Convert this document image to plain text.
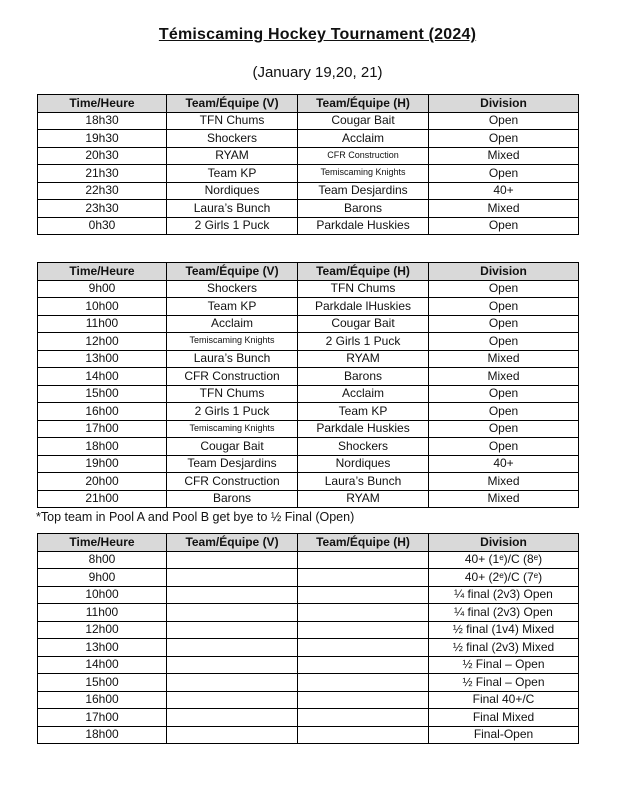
Témiscaming Hockey Tournament (2024)
(January 19,20, 21)
Time/Heure	Team/Équipe (V)	Team/Équipe (H)	Division
18h30	TFN Chums	Cougar Bait	Open
19h30	Shockers	Acclaim	Open
20h30	RYAM	CFR Construction	Mixed
21h30	Team KP	Temiscaming Knights	Open
22h30	Nordiques	Team Desjardins	40+
23h30	Laura’s Bunch	Barons	Mixed
0h30	2 Girls 1 Puck	Parkdale Huskies	Open
Time/Heure	Team/Équipe (V)	Team/Équipe (H)	Division
9h00	Shockers	TFN Chums	Open
10h00	Team KP	Parkdale lHuskies	Open
11h00	Acclaim	Cougar Bait	Open
12h00	Temiscaming Knights	2 Girls 1 Puck	Open
13h00	Laura’s Bunch	RYAM	Mixed
14h00	CFR Construction	Barons	Mixed
15h00	TFN Chums	Acclaim	Open
16h00	2 Girls 1 Puck	Team KP	Open
17h00	Temiscaming Knights	Parkdale Huskies	Open
18h00	Cougar Bait	Shockers	Open
19h00	Team Desjardins	Nordiques	40+
20h00	CFR Construction	Laura’s Bunch	Mixed
21h00	Barons	RYAM	Mixed

*Top team in Pool A and Pool B get bye to ½ Final (Open)

Time/Heure	Team/Équipe (V)	Team/Équipe (H)	Division
8h00			40+ (1ᵉ)/C (8ᵉ)
9h00			40+ (2ᵉ)/C (7ᵉ)
10h00			¼ final (2v3) Open
11h00			¼ final (2v3) Open
12h00			½ final (1v4) Mixed
13h00			½ final (2v3) Mixed
14h00			½ Final – Open
15h00			½ Final – Open
16h00			Final 40+/C
17h00			Final Mixed
18h00			Final-Open
